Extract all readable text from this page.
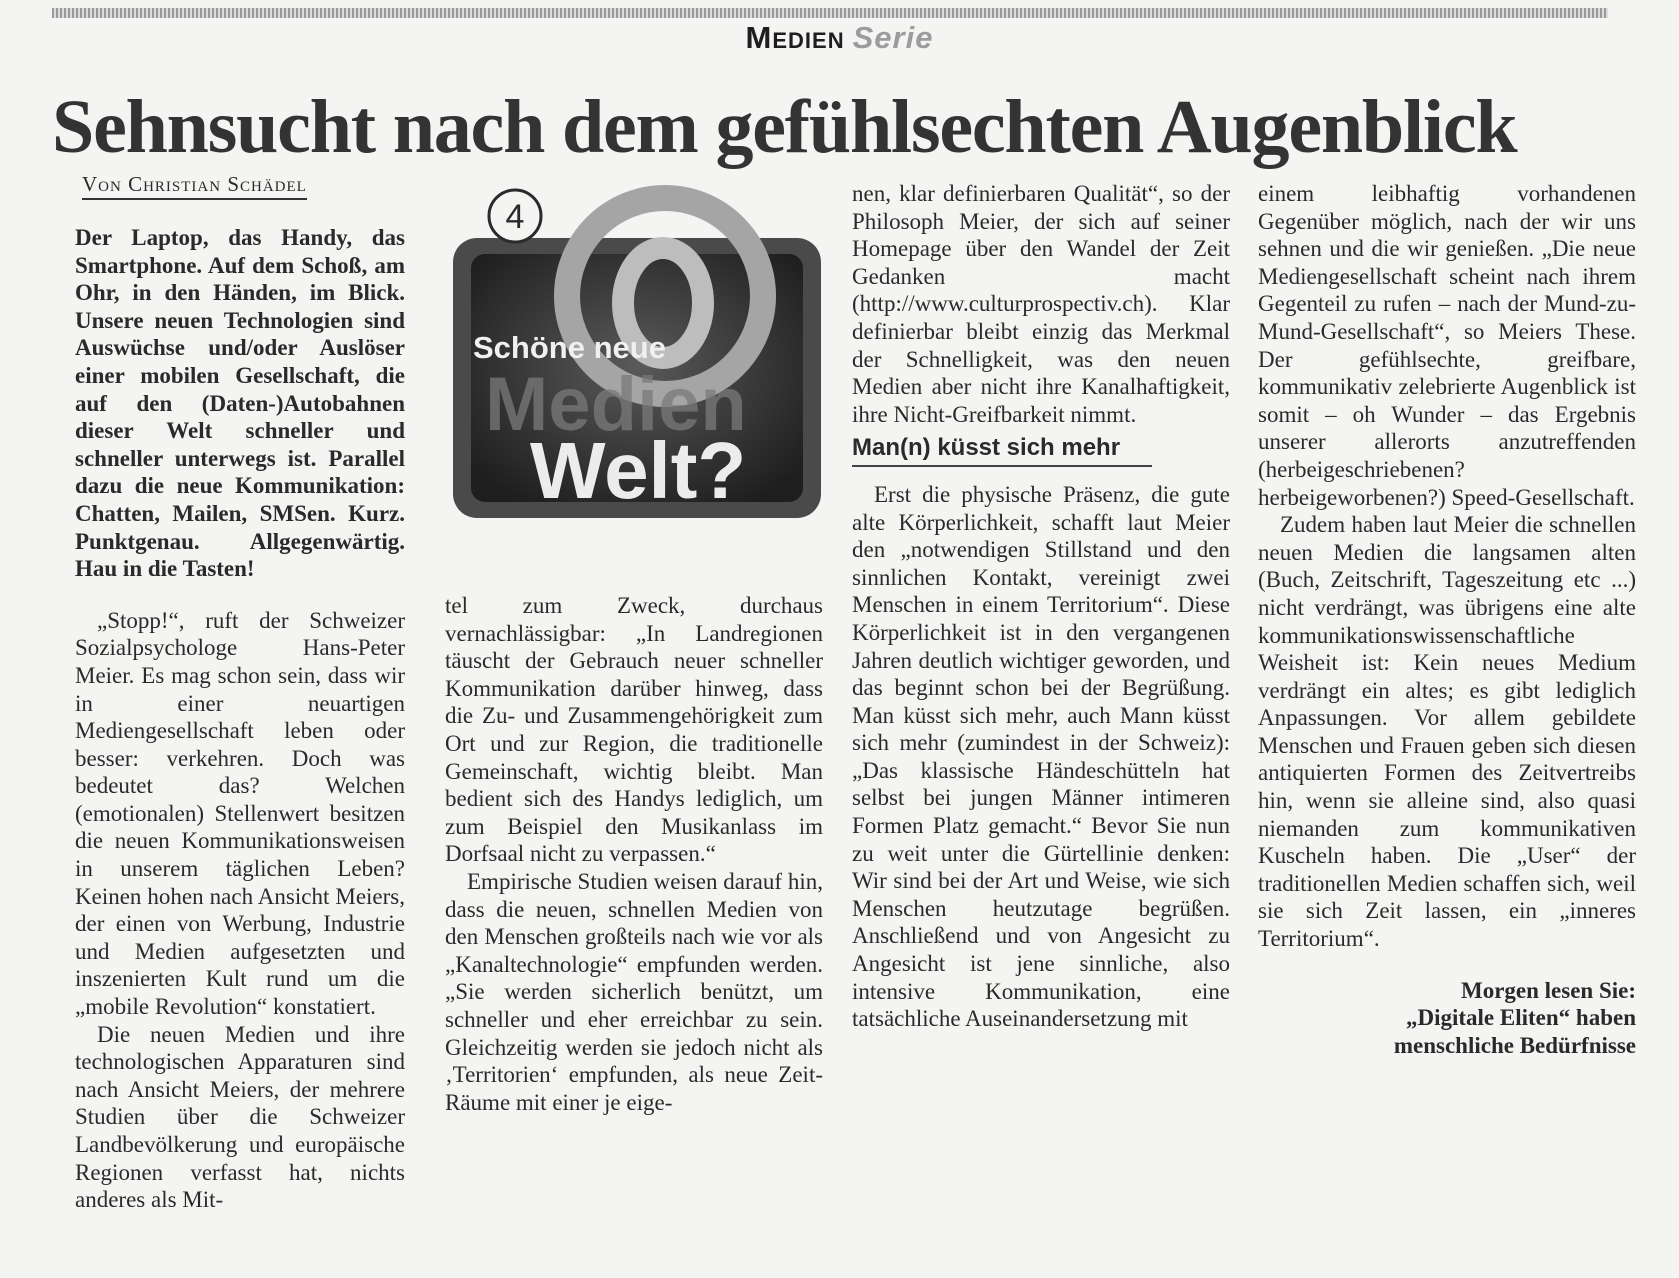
Medien Serie
Sehnsucht nach dem gefühlsechten Augenblick
Von Christian Schädel

Der Laptop, das Handy, das Smartphone. Auf dem Schoß, am Ohr, in den Händen, im Blick. Unsere neuen Technologien sind Auswüchse und/oder Auslöser einer mobilen Gesellschaft, die auf den (Daten-)Autobahnen dieser Welt schneller und schneller unterwegs ist. Parallel dazu die neue Kommunikation: Chatten, Mailen, SMSen. Kurz. Punktgenau. Allgegenwärtig. Hau in die Tasten!

„Stopp!“, ruft der Schweizer Sozialpsychologe Hans-Peter Meier. Es mag schon sein, dass wir in einer neuartigen Mediengesellschaft leben oder besser: verkehren. Doch was bedeutet das? Welchen (emotionalen) Stellenwert besitzen die neuen Kommunikationsweisen in unserem täglichen Leben? Keinen hohen nach Ansicht Meiers, der einen von Werbung, Industrie und Medien aufgesetzten und inszenierten Kult rund um die „mobile Revolution“ konstatiert.

Die neuen Medien und ihre technologischen Apparaturen sind nach Ansicht Meiers, der mehrere Studien über die Schweizer Landbevölkerung und europäische Regionen verfasst hat, nichts anderes als Mit-

4
Schöne neue
Medien
Welt?

tel zum Zweck, durchaus vernachlässigbar: „In Landregionen täuscht der Gebrauch neuer schneller Kommunikation darüber hinweg, dass die Zu- und Zusammengehörigkeit zum Ort und zur Region, die traditionelle Gemeinschaft, wichtig bleibt. Man bedient sich des Handys lediglich, um zum Beispiel den Musikanlass im Dorfsaal nicht zu verpassen.“

Empirische Studien weisen darauf hin, dass die neuen, schnellen Medien von den Menschen großteils nach wie vor als „Kanaltechnologie“ empfunden werden. „Sie werden sicherlich benützt, um schneller und eher erreichbar zu sein. Gleichzeitig werden sie jedoch nicht als ‚Territorien‘ empfunden, als neue Zeit-Räume mit einer je eige-

nen, klar definierbaren Qualität“, so der Philosoph Meier, der sich auf seiner Homepage über den Wandel der Zeit Gedanken macht (http://www.culturprospectiv.ch). Klar definierbar bleibt einzig das Merkmal der Schnelligkeit, was den neuen Medien aber nicht ihre Kanalhaftigkeit, ihre Nicht-Greifbarkeit nimmt.

Man(n) küsst sich mehr

Erst die physische Präsenz, die gute alte Körperlichkeit, schafft laut Meier den „notwendigen Stillstand und den sinnlichen Kontakt, vereinigt zwei Menschen in einem Territorium“. Diese Körperlichkeit ist in den vergangenen Jahren deutlich wichtiger geworden, und das beginnt schon bei der Begrüßung. Man küsst sich mehr, auch Mann küsst sich mehr (zumindest in der Schweiz): „Das klassische Händeschütteln hat selbst bei jungen Männer intimeren Formen Platz gemacht.“ Bevor Sie nun zu weit unter die Gürtellinie denken: Wir sind bei der Art und Weise, wie sich Menschen heutzutage begrüßen. Anschließend und von Angesicht zu Angesicht ist jene sinnliche, also intensive Kommunikation, eine tatsächliche Auseinandersetzung mit

einem leibhaftig vorhandenen Gegenüber möglich, nach der wir uns sehnen und die wir genießen. „Die neue Mediengesellschaft scheint nach ihrem Gegenteil zu rufen – nach der Mund-zu-Mund-Gesellschaft“, so Meiers These. Der gefühlsechte, greifbare, kommunikativ zelebrierte Augenblick ist somit – oh Wunder – das Ergebnis unserer allerorts anzutreffenden (herbeigeschriebenen? herbeigeworbenen?) Speed-Gesellschaft.

Zudem haben laut Meier die schnellen neuen Medien die langsamen alten (Buch, Zeitschrift, Tageszeitung etc ...) nicht verdrängt, was übrigens eine alte kommunikationswissenschaftliche Weisheit ist: Kein neues Medium verdrängt ein altes; es gibt lediglich Anpassungen. Vor allem gebildete Menschen und Frauen geben sich diesen antiquierten Formen des Zeitvertreibs hin, wenn sie alleine sind, also quasi niemanden zum kommunikativen Kuscheln haben. Die „User“ der traditionellen Medien schaffen sich, weil sie sich Zeit lassen, ein „inneres Territorium“.

Morgen lesen Sie:

„Digitale Eliten“ haben

menschliche Bedürfnisse
